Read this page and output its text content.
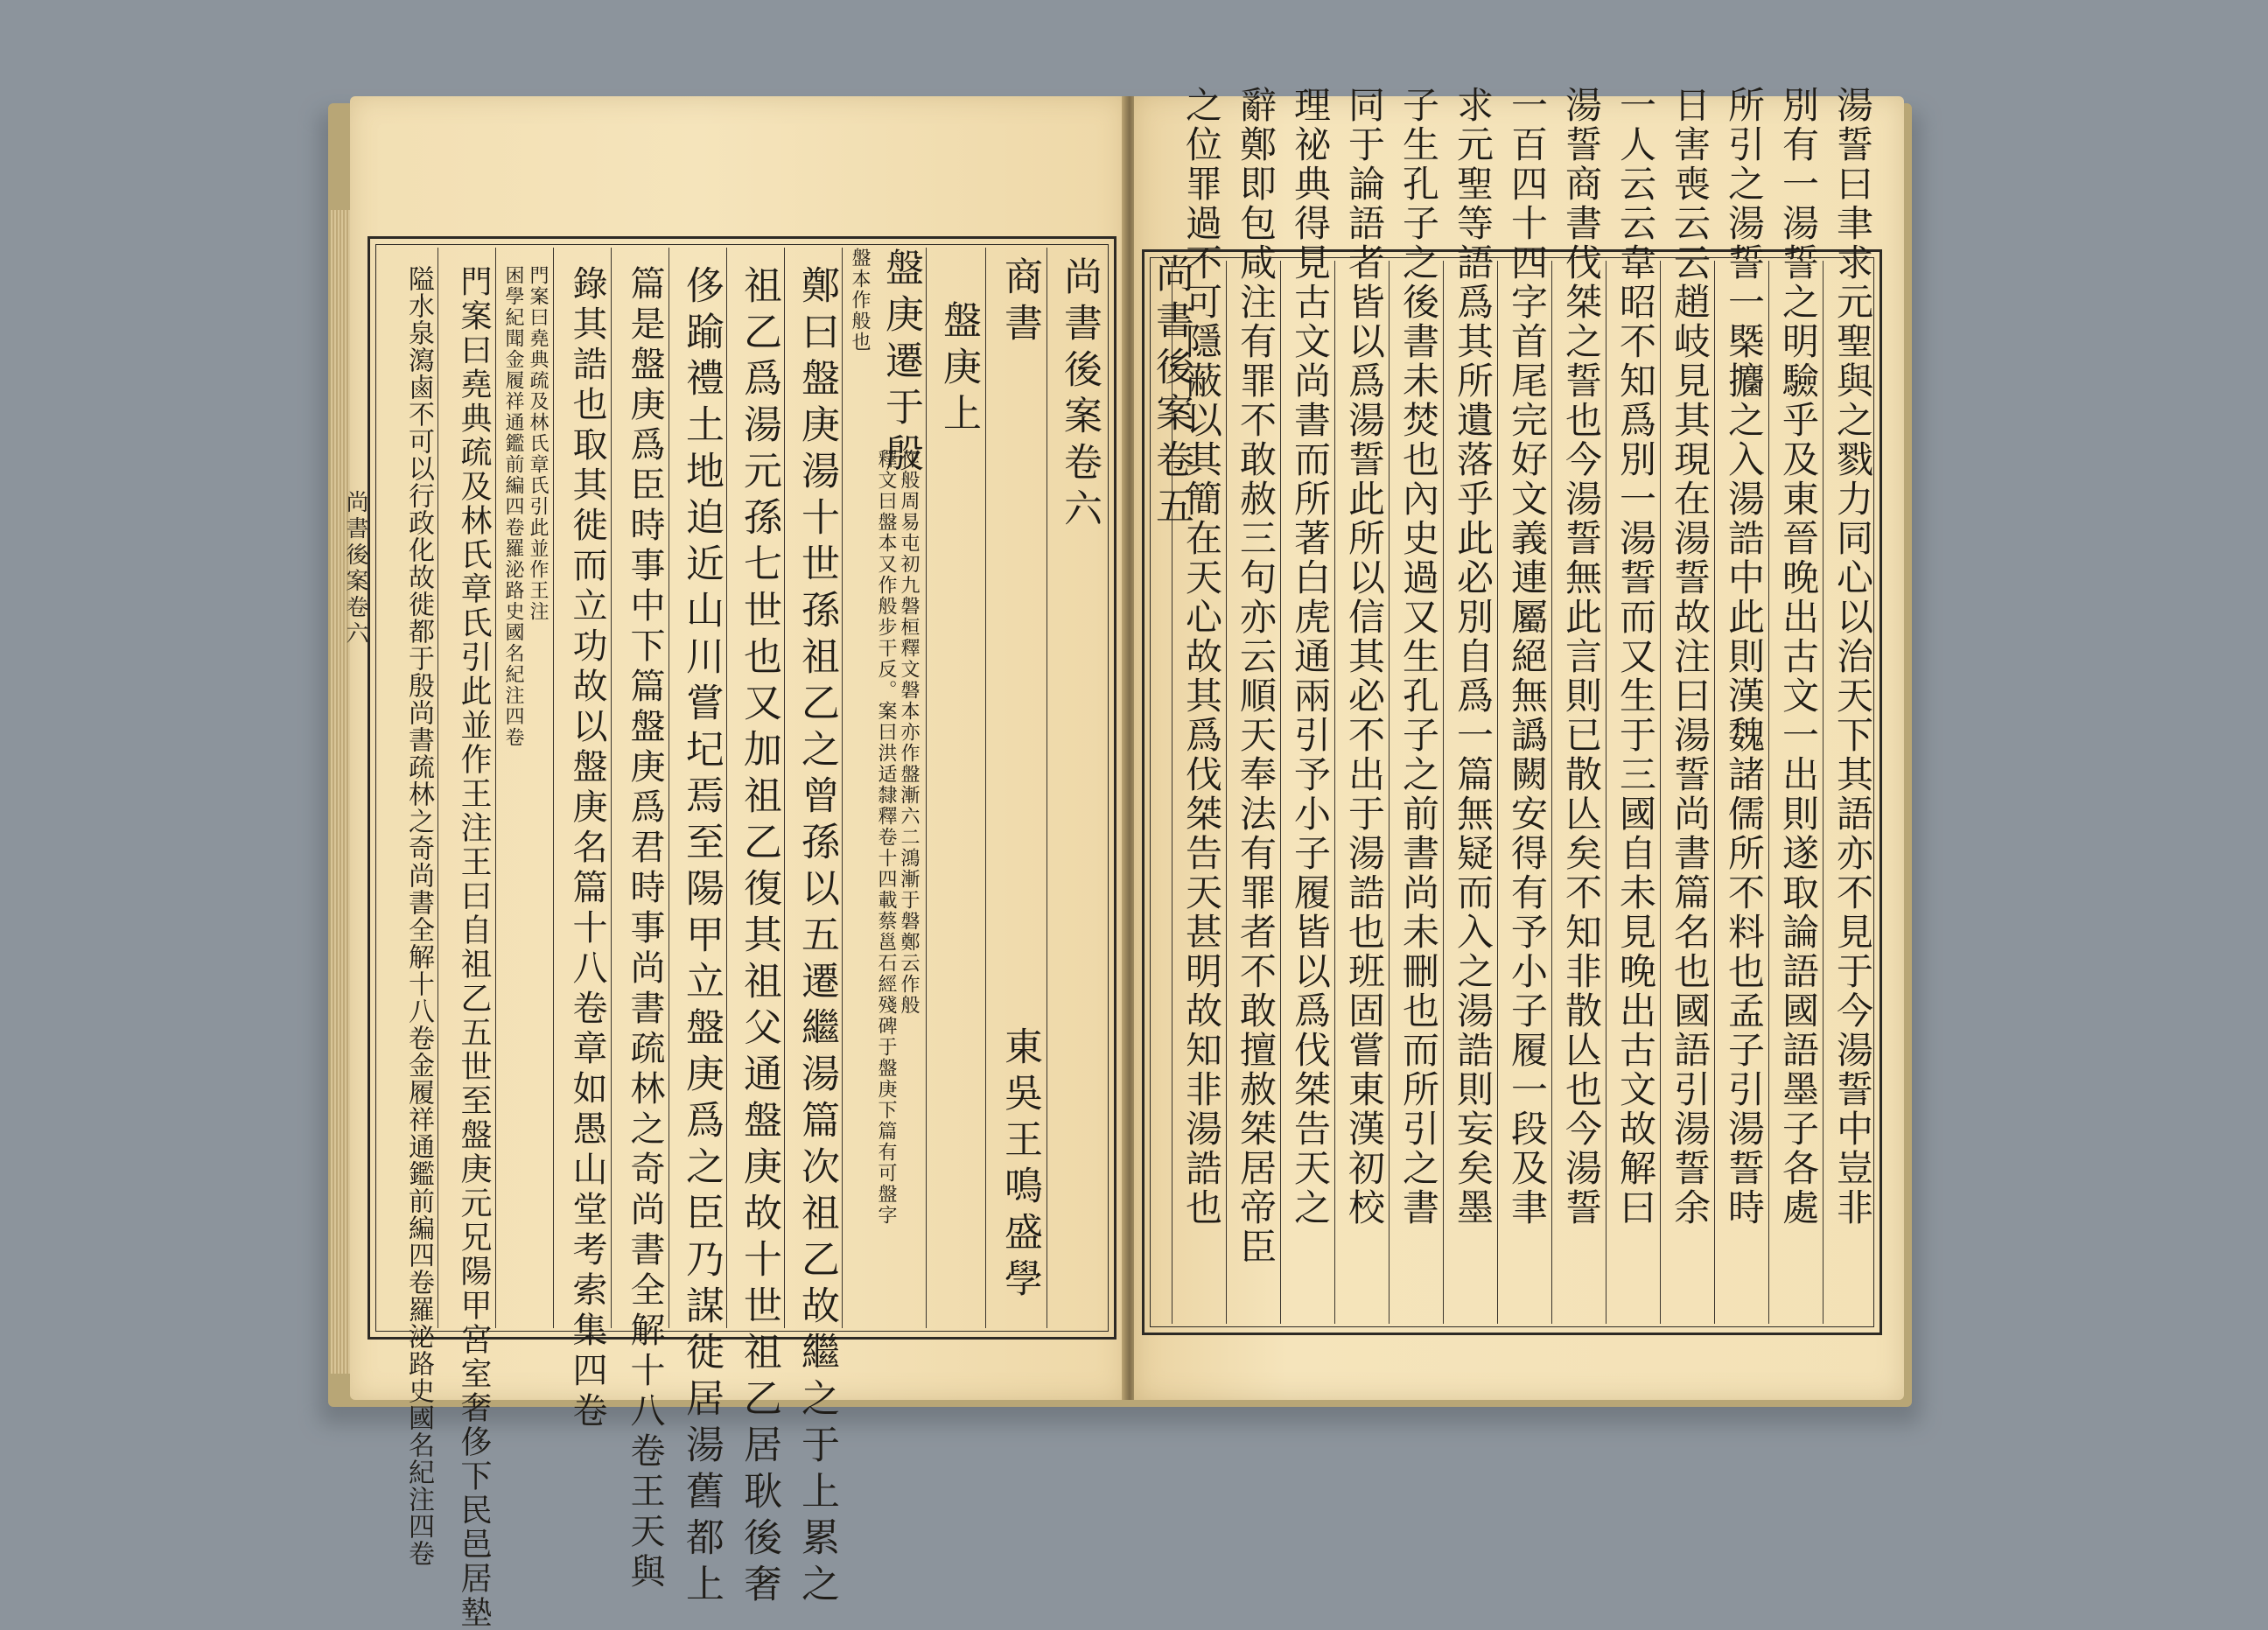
尚書後案卷六
商書
東吳王鳴盛學
盤庚上
盤庚遷于殷
釋文曰盤本又作般步干反。案曰洪适隸釋卷十四載蔡邕石經殘碑于盤庚下篇有可盤字 作般周易屯初九磐桓釋文磐本亦作盤漸六二鴻漸于磐鄭云作般
盤本作般也
鄭曰盤庚湯十世孫祖乙之曾孫以五遷繼湯篇次祖乙故繼之于上累之
祖乙爲湯元孫七世也又加祖乙復其祖父通盤庚故十世祖乙居耿後奢
侈踰禮土地迫近山川嘗圮焉至陽甲立盤庚爲之臣乃謀徙居湯舊都上
篇是盤庚爲臣時事中下篇盤庚爲君時事尚書疏林之奇尚書全解十八卷王天與
錄其誥也取其徙而立功故以盤庚名篇十八卷章如愚山堂考索集四卷
困學紀聞金履祥通鑑前編四卷羅泌路史國名紀注四卷 門案曰堯典疏及林氏章氏引此並作王注
門案曰堯典疏及林氏章氏引此並作王注王曰自祖乙五世至盤庚元兄陽甲宮室奢侈下民邑居墊
隘水泉瀉鹵不可以行政化故徙都于殷尚書疏林之奇尚書全解十八卷金履祥通鑑前編四卷羅泌路史國名紀注四卷	湯誓曰聿求元聖與之戮力同心以治天下其語亦不見于今湯誓中豈非
別有一湯誓之明驗乎及東晉晚出古文一出則遂取論語國語墨子各處
所引之湯誓一槩攟之入湯誥中此則漢魏諸儒所不料也孟子引湯誓時
日害喪云云趙岐見其現在湯誓故注曰湯誓尚書篇名也國語引湯誓余
一人云云韋昭不知爲別一湯誓而又生于三國自未見晚出古文故解曰
湯誓商書伐桀之誓也今湯誓無此言則已散亾矣不知非散亾也今湯誓
一百四十四字首尾完好文義連屬絕無譌闕安得有予小子履一段及聿
求元聖等語爲其所遺落乎此必別自爲一篇無疑而入之湯誥則妄矣墨
子生孔子之後書未焚也內史過又生孔子之前書尚未刪也而所引之書
同于論語者皆以爲湯誓此所以信其必不出于湯誥也班固嘗東漢初校
理祕典得見古文尚書而所著白虎通兩引予小子履皆以爲伐桀告天之
辭鄭即包咸注有罪不敢赦三句亦云順天奉法有罪者不敢擅赦桀居帝臣
之位罪過不可隱蔽以其簡在天心故其爲伐桀告天甚明故知非湯誥也
尚書後案卷五
尚書後案卷六
